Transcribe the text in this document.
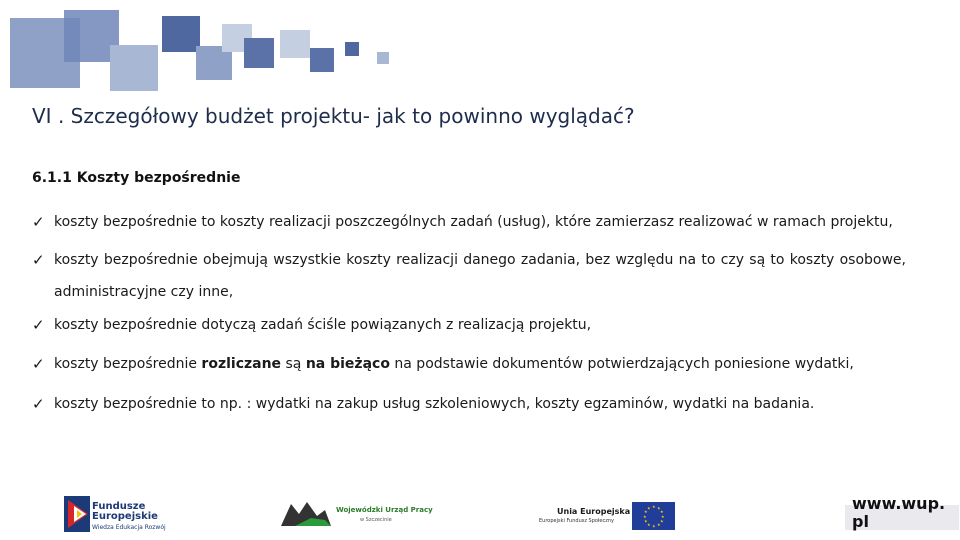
VI . Szczegółowy budżet projektu- jak to powinno wyglądać?
6.1.1 Koszty bezpośrednie
✓ koszty bezpośrednie to koszty realizacji poszczególnych zadań (usług), które zamierzasz realizować w ramach projektu,
✓ koszty bezpośrednie obejmują wszystkie koszty realizacji danego zadania, bez względu na to czy są to koszty osobowe, administracyjne czy inne,
✓ koszty bezpośrednie dotyczą zadań ściśle powiązanych z realizacją projektu,
✓ koszty bezpośrednie rozliczane są na bieżąco na podstawie dokumentów potwierdzających poniesione wydatki,
✓ koszty bezpośrednie to np. : wydatki na zakup usług szkoleniowych, koszty egzaminów, wydatki na badania.
Fundusze
Europejskie
Wiedza Edukacja Rozwój
Wojewódzki Urząd Pracy
w Szczecinie
Unia Europejska
Europejski Fundusz Społeczny
★ ★
★
★
★
★
★
★
★
★
★
★	www.wup.pl
